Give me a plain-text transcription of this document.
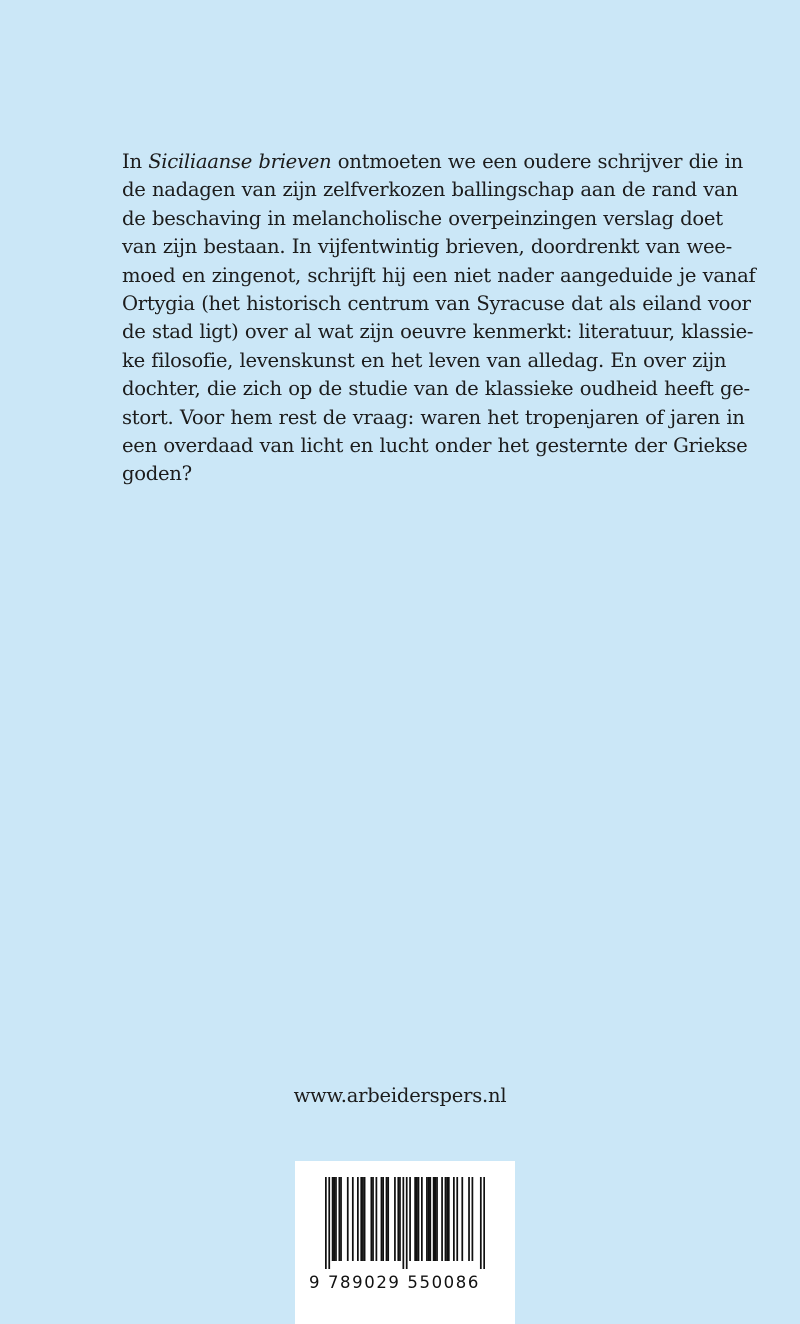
In Siciliaanse brieven ontmoeten we een oudere schrijver die in
de nadagen van zijn zelfverkozen ballingschap aan de rand van
de beschaving in melancholische overpeinzingen verslag doet
van zijn bestaan. In vijfentwintig brieven, doordrenkt van wee-
moed en zingenot, schrijft hij een niet nader aangeduide je vanaf
Ortygia (het historisch centrum van Syracuse dat als eiland voor
de stad ligt) over al wat zijn oeuvre kenmerkt: literatuur, klassie-
ke filosofie, levenskunst en het leven van alledag. En over zijn
dochter, die zich op de studie van de klassieke oudheid heeft ge-
stort. Voor hem rest de vraag: waren het tropenjaren of jaren in
een overdaad van licht en lucht onder het gesternte der Griekse
goden?
www.arbeiderspers.nl
9 789029 550086
